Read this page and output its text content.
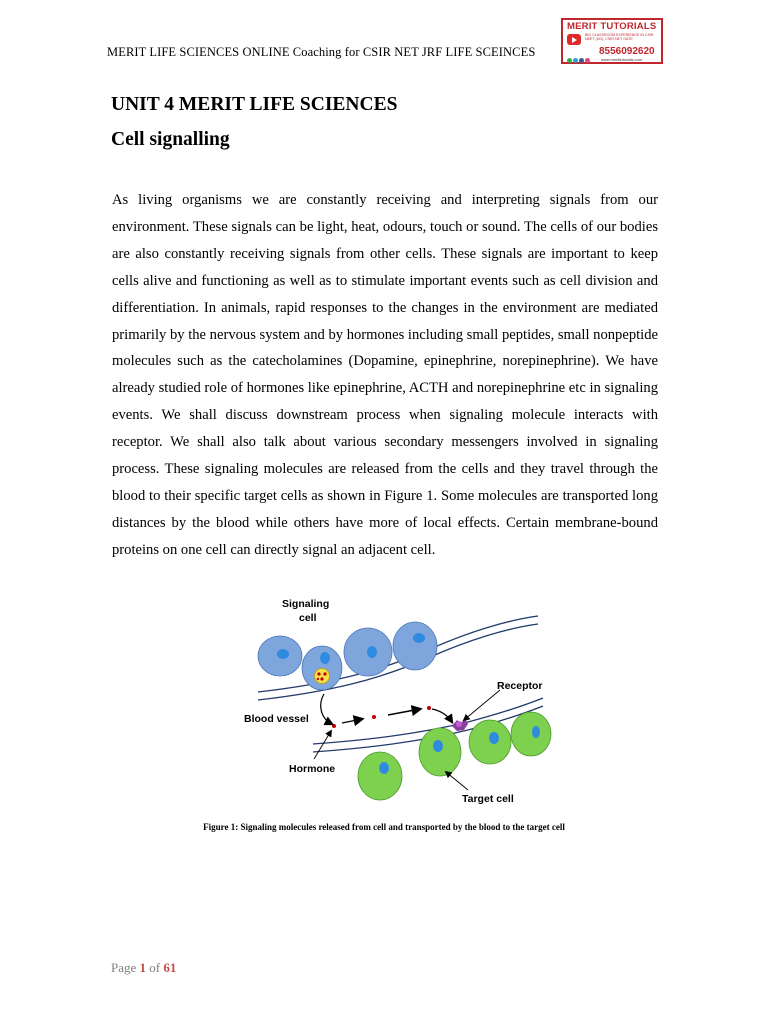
MERIT LIFE SCIENCES ONLINE Coaching for CSIR NET JRF LIFE SCEINCES
MERIT TUTORIALS
BIG CLASSROOM EXPERIENCE IN CSIR NEET (UG), CSIR-NET GATE
8556092620
www.merittutorials.com
UNIT 4 MERIT LIFE SCIENCES
Cell signalling

As living organisms we are constantly receiving and interpreting signals from our environment. These signals can be light, heat, odours, touch or sound. The cells of our bodies are also constantly receiving signals from other cells. These signals are important to keep cells alive and functioning as well as to stimulate important events such as cell division and differentiation. In animals, rapid responses to the changes in the environment are mediated primarily by the nervous system and by hormones including small peptides, small nonpeptide molecules such as the catecholamines (Dopamine, epinephrine, norepinephrine). We have already studied role of hormones like epinephrine, ACTH and norepinephrine etc in signaling events. We shall discuss downstream process when signaling molecule interacts with receptor. We shall also talk about various secondary messengers involved in signaling process. These signaling molecules are released from the cells and they travel through the blood to their specific target cells as shown in Figure 1. Some molecules are transported long distances by the blood while others have more of local effects. Certain membrane-bound proteins on one cell can directly signal an adjacent cell.

Signaling
cell
Receptor
Blood vessel
Hormone
Target cell
Figure 1: Signaling molecules released from cell and transported by the blood to the target cell
Page 1 of 61
